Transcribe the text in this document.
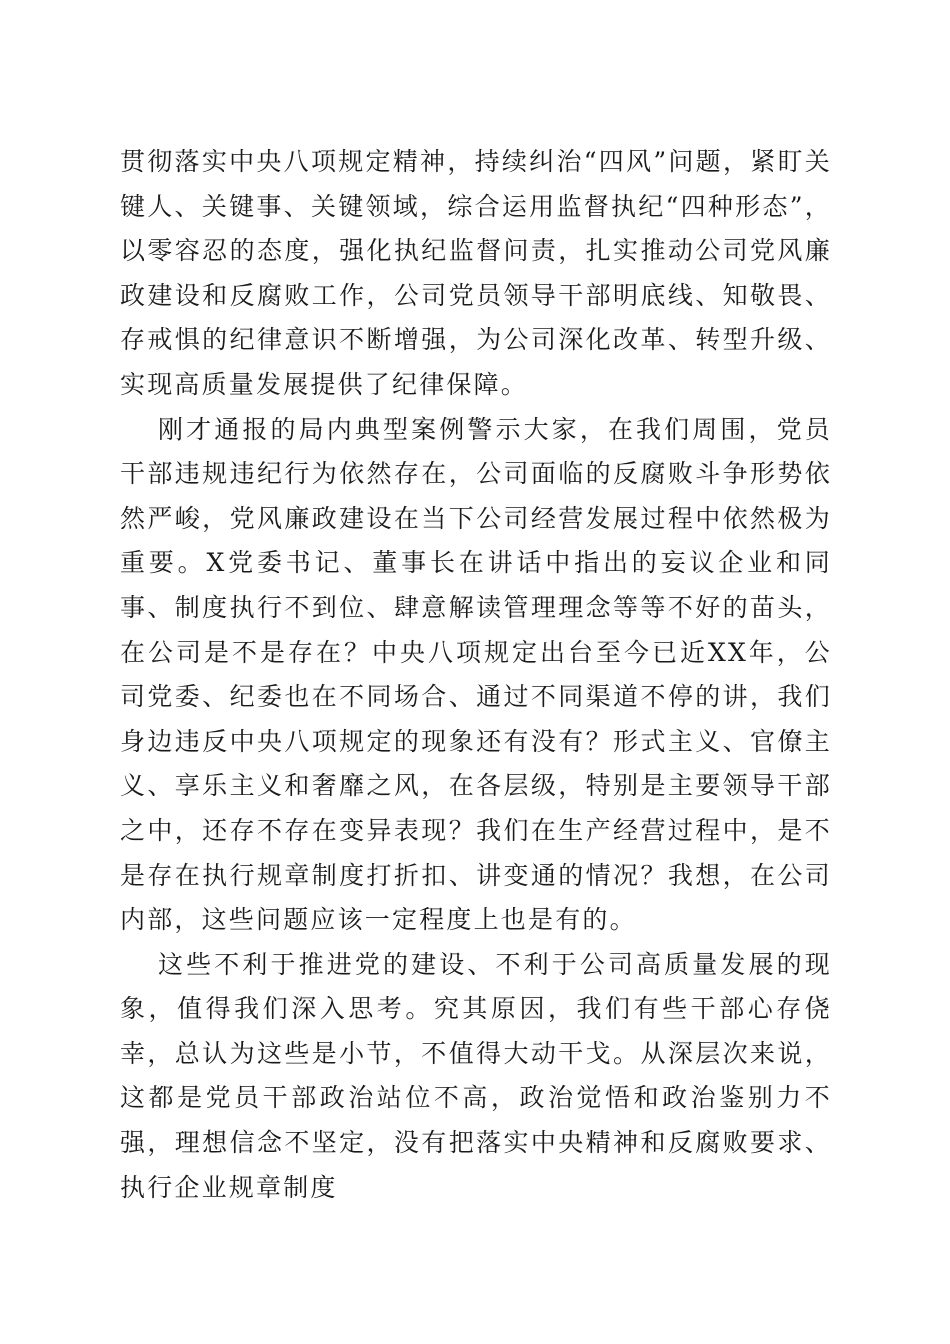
贯彻落实中央八项规定精神，持续纠治“四风”问题，紧盯关键人、关键事、关键领域，综合运用监督执纪“四种形态”，以零容忍的态度，强化执纪监督问责，扎实推动公司党风廉政建设和反腐败工作，公司党员领导干部明底线、知敬畏、存戒惧的纪律意识不断增强，为公司深化改革、转型升级、实现高质量发展提供了纪律保障。

刚才通报的局内典型案例警示大家，在我们周围，党员干部违规违纪行为依然存在，公司面临的反腐败斗争形势依然严峻，党风廉政建设在当下公司经营发展过程中依然极为重要。X党委书记、董事长在讲话中指出的妄议企业和同事、制度执行不到位、肆意解读管理理念等等不好的苗头，在公司是不是存在？中央八项规定出台至今已近XX年，公司党委、纪委也在不同场合、通过不同渠道不停的讲，我们身边违反中央八项规定的现象还有没有？形式主义、官僚主义、享乐主义和奢靡之风，在各层级，特别是主要领导干部之中，还存不存在变异表现？我们在生产经营过程中，是不是存在执行规章制度打折扣、讲变通的情况？我想，在公司内部，这些问题应该一定程度上也是有的。

这些不利于推进党的建设、不利于公司高质量发展的现象，值得我们深入思考。究其原因，我们有些干部心存侥幸，总认为这些是小节，不值得大动干戈。从深层次来说，这都是党员干部政治站位不高，政治觉悟和政治鉴别力不强，理想信念不坚定，没有把落实中央精神和反腐败要求、执行企业规章制度
